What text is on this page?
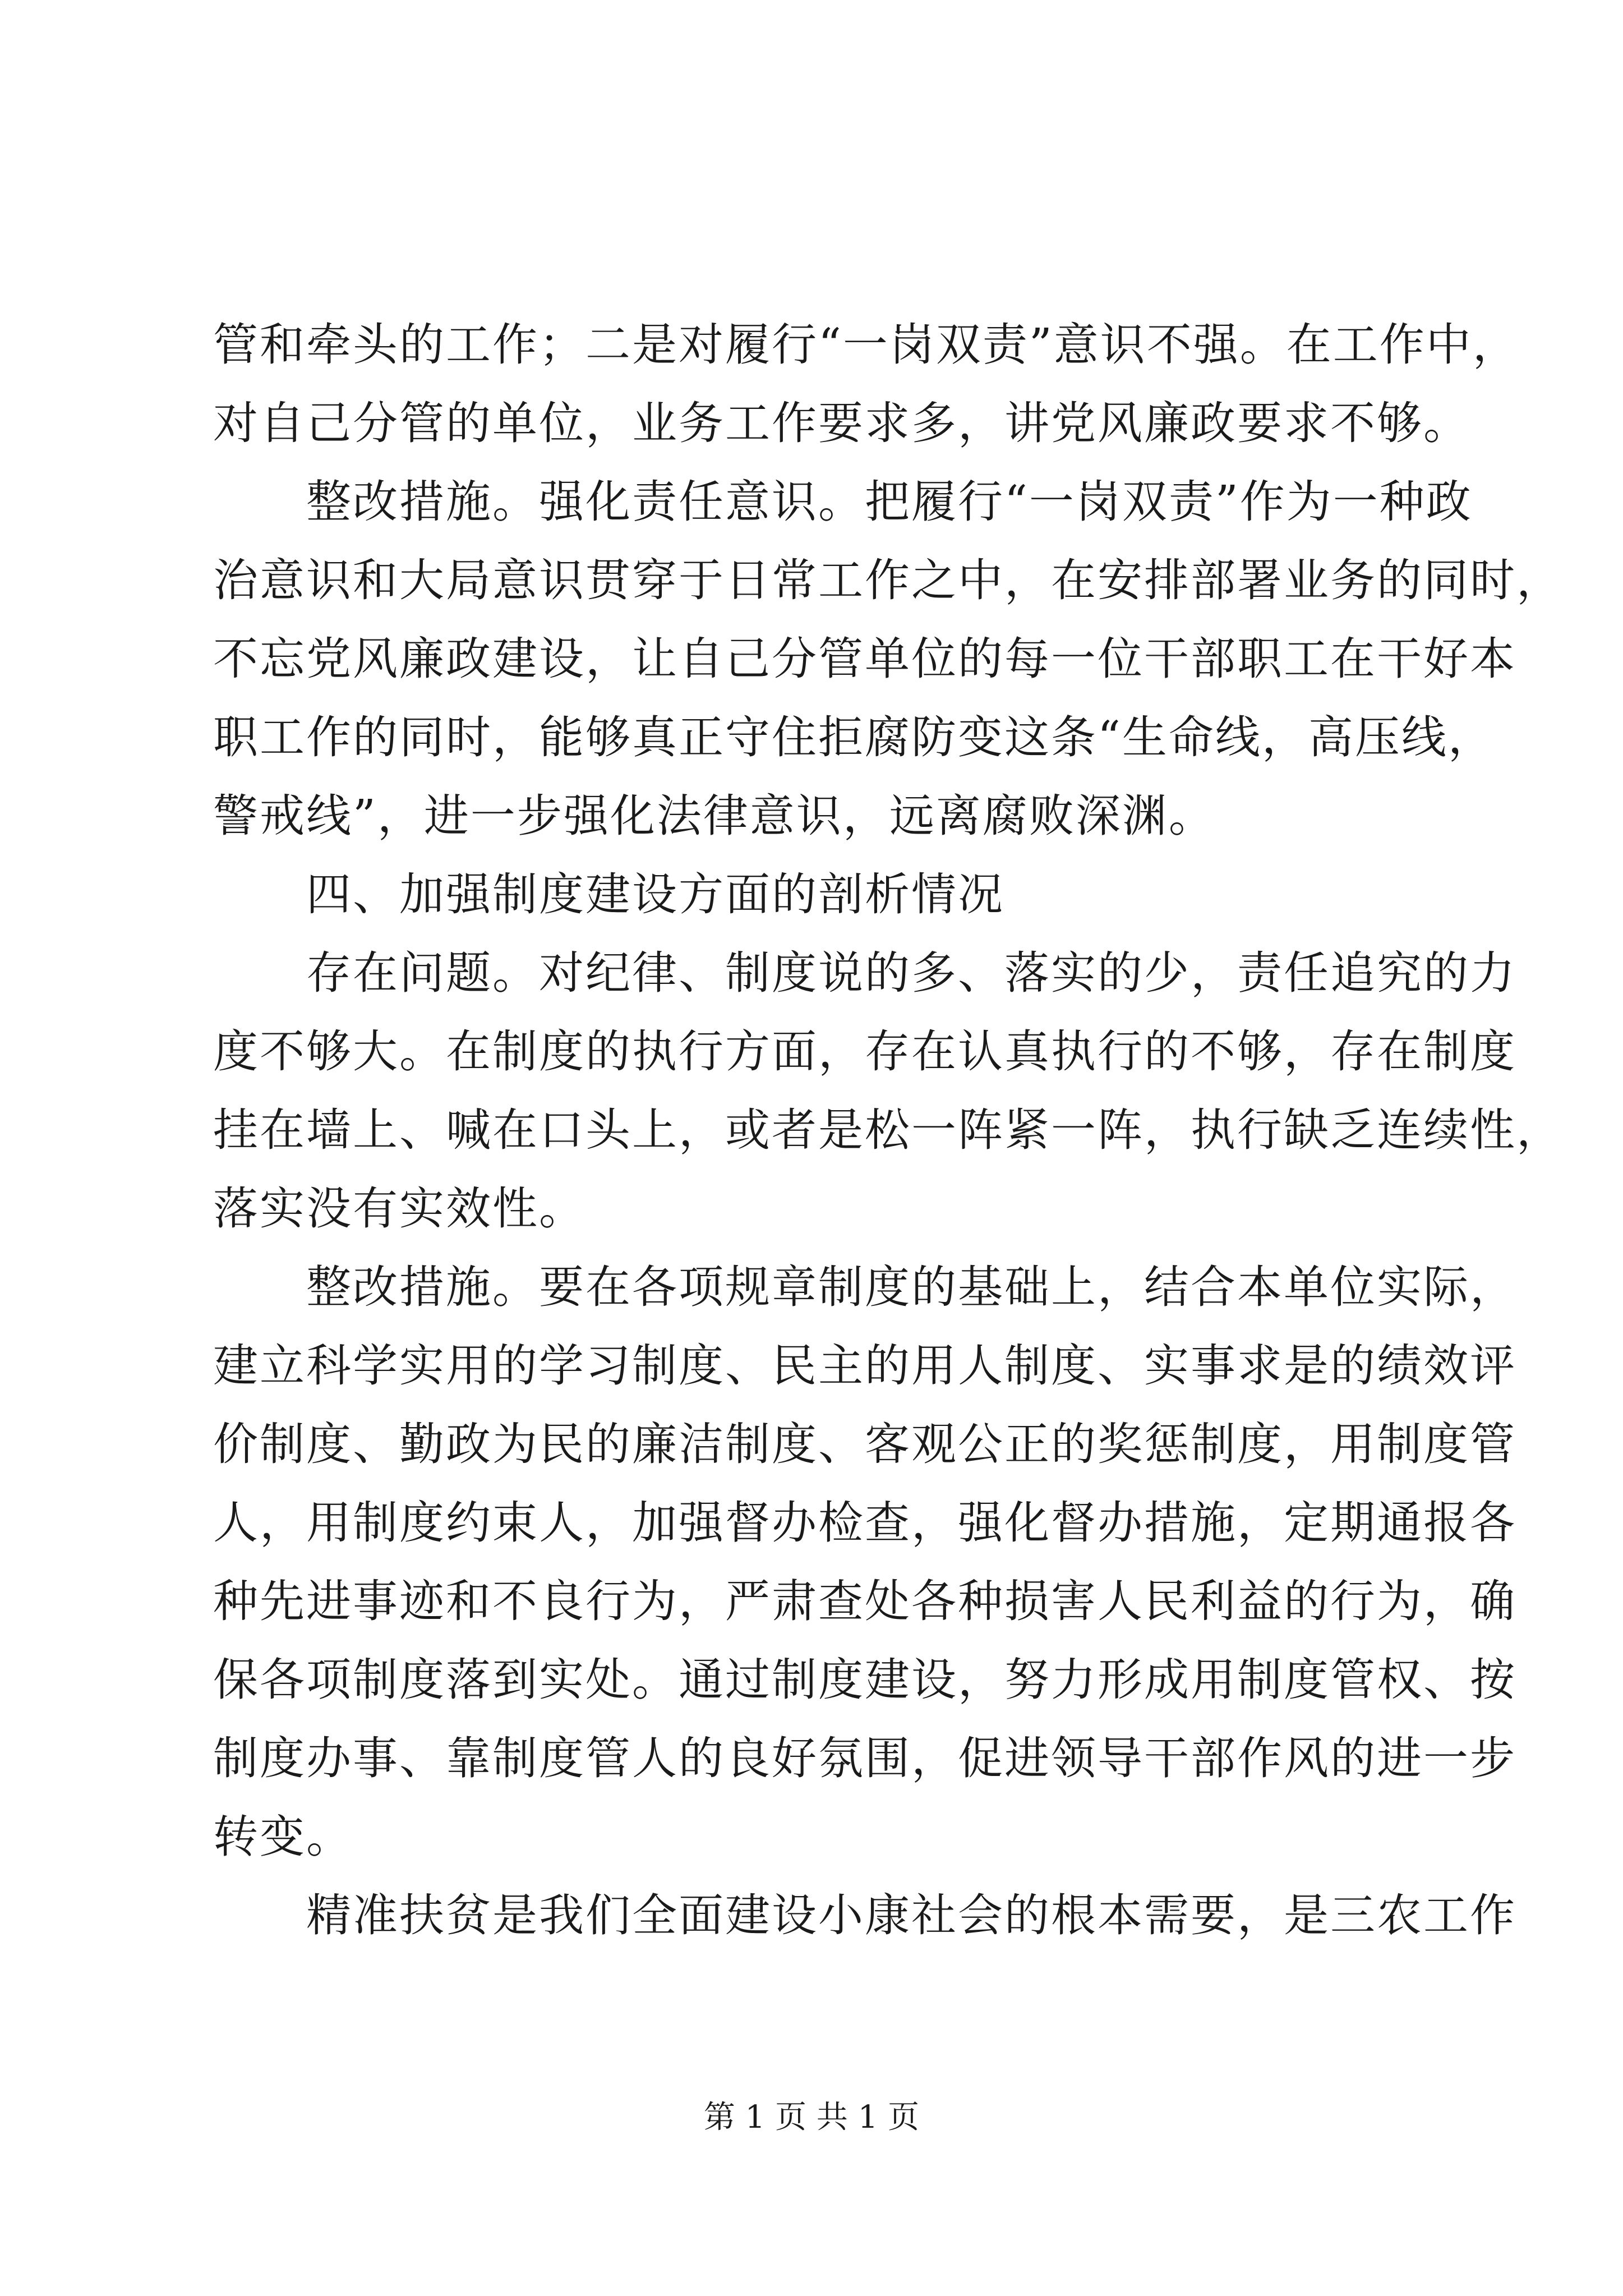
管和牵头的工作；二是对履行“一岗双责”意识不强。在工作中，
对自己分管的单位，业务工作要求多，讲党风廉政要求不够。
整改措施。强化责任意识。把履行“一岗双责”作为一种政
治意识和大局意识贯穿于日常工作之中，在安排部署业务的同时，
不忘党风廉政建设，让自己分管单位的每一位干部职工在干好本
职工作的同时，能够真正守住拒腐防变这条“生命线，高压线，
警戒线”，进一步强化法律意识，远离腐败深渊。
四、加强制度建设方面的剖析情况
存在问题。对纪律、制度说的多、落实的少，责任追究的力
度不够大。在制度的执行方面，存在认真执行的不够，存在制度
挂在墙上、喊在口头上，或者是松一阵紧一阵，执行缺乏连续性，
落实没有实效性。
整改措施。要在各项规章制度的基础上，结合本单位实际，
建立科学实用的学习制度、民主的用人制度、实事求是的绩效评
价制度、勤政为民的廉洁制度、客观公正的奖惩制度，用制度管
人，用制度约束人，加强督办检查，强化督办措施，定期通报各
种先进事迹和不良行为，严肃查处各种损害人民利益的行为，确
保各项制度落到实处。通过制度建设，努力形成用制度管权、按
制度办事、靠制度管人的良好氛围，促进领导干部作风的进一步
转变。
精准扶贫是我们全面建设小康社会的根本需要，是三农工作
第 1 页 共 1 页
